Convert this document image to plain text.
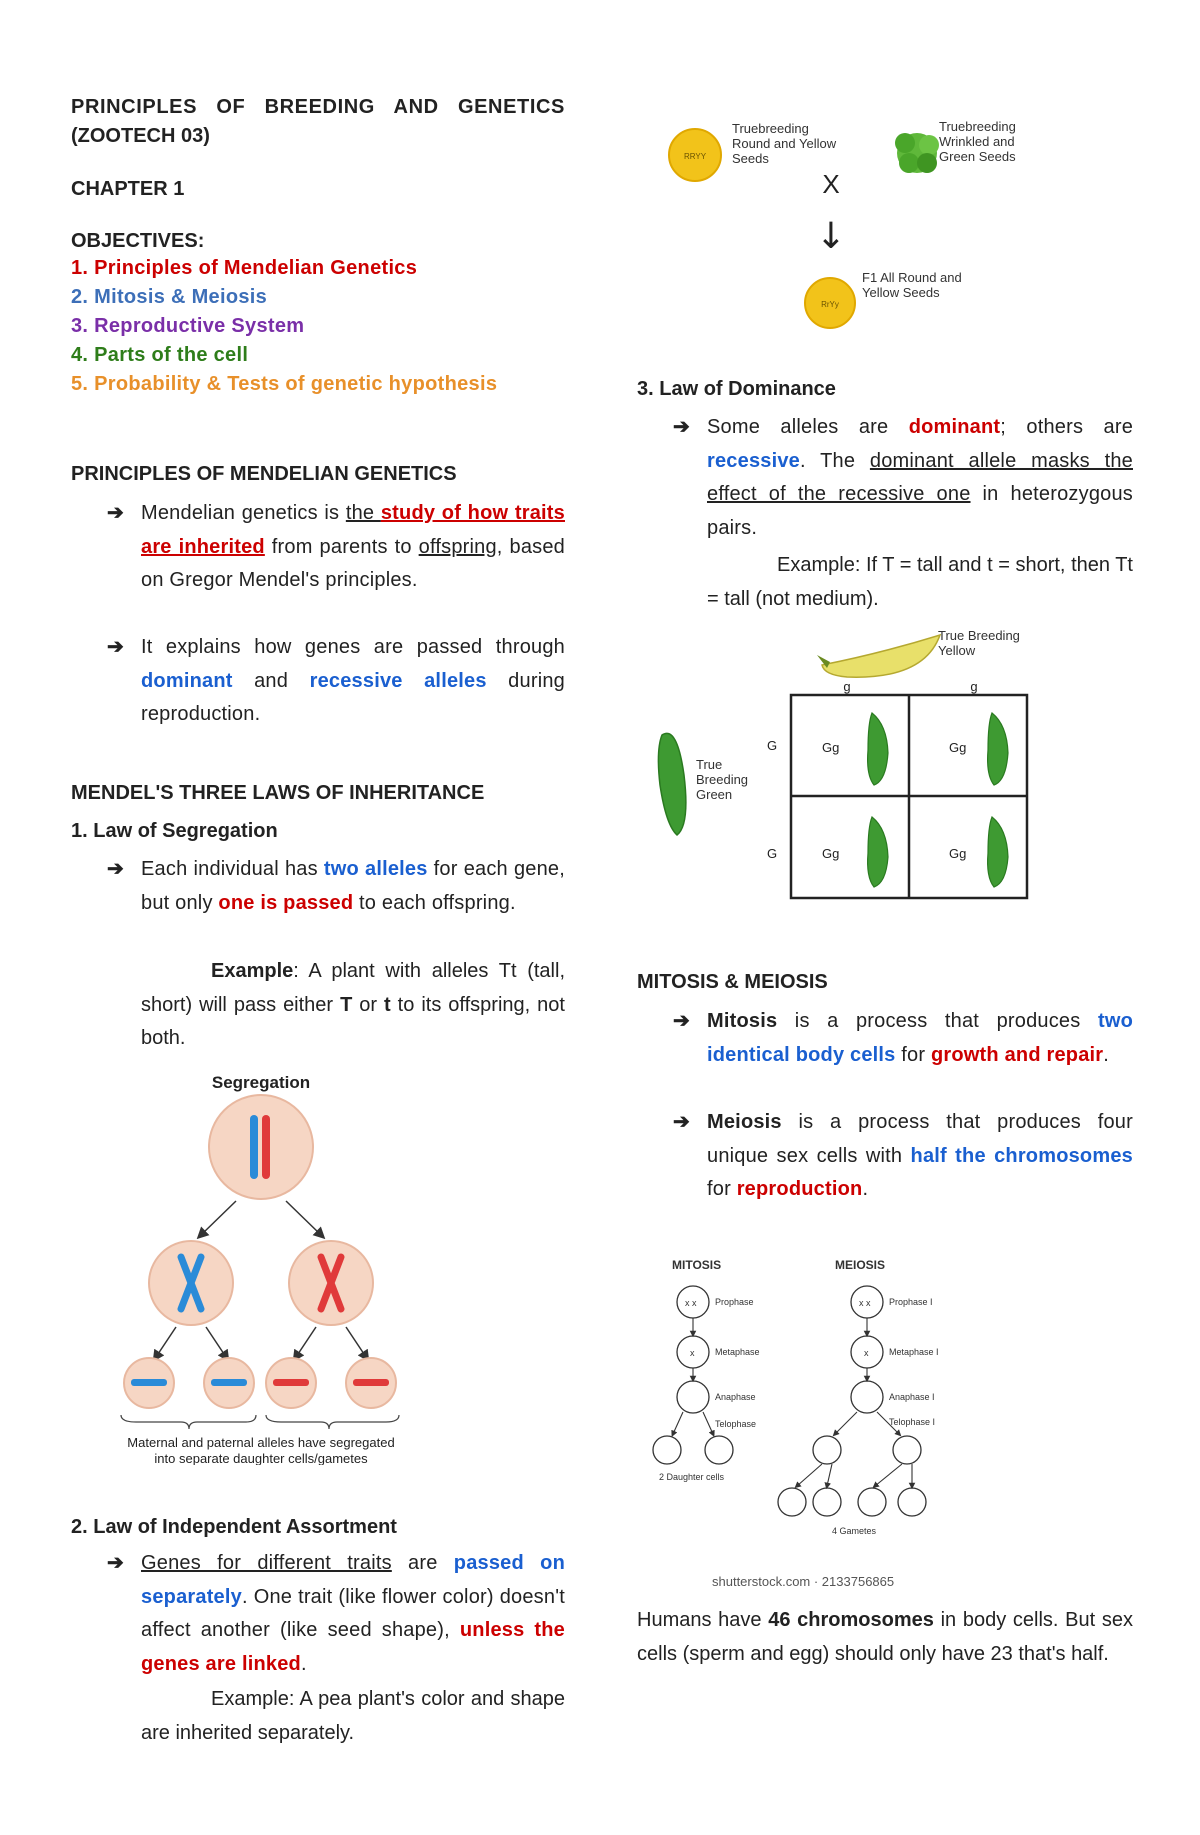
PRINCIPLES OF BREEDING AND GENETICS
(ZOOTECH 03)
CHAPTER 1
OBJECTIVES:
1. Principles of Mendelian Genetics
2. Mitosis & Meiosis
3. Reproductive System
4. Parts of the cell
5. Probability & Tests of genetic hypothesis
PRINCIPLES OF MENDELIAN GENETICS
➔ Mendelian genetics is the study of how traits are inherited from parents to offspring, based on Gregor Mendel's principles.
➔ It explains how genes are passed through dominant and recessive alleles during reproduction.
MENDEL'S THREE LAWS OF INHERITANCE
1. Law of Segregation
➔ Each individual has two alleles for each gene, but only one is passed to each offspring.
Example: A plant with alleles Tt (tall, short) will pass either T or t to its offspring, not both.
Segregation
Maternal and paternal alleles have segregated
into separate daughter cells/gametes
2. Law of Independent Assortment
➔ Genes for different traits are passed on separately. One trait (like flower color) doesn't affect another (like seed shape), unless the genes are linked.
Example: A pea plant's color and shape are inherited separately.
RRYY
Truebreeding Round and Yellow Seeds
Truebreeding Wrinkled and Green Seeds
X
↓
RrYy
F1 All Round and Yellow Seeds
3. Law of Dominance
➔ Some alleles are dominant; others are recessive. The dominant allele masks the effect of the recessive one in heterozygous pairs.
Example: If T = tall and t = short, then Tt = tall (not medium).
True Breeding Yellow
g	g
True Breeding Green
G
G
Gg	Gg
Gg	Gg
MITOSIS & MEIOSIS
➔ Mitosis is a process that produces two identical body cells for growth and repair.
➔ Meiosis is a process that produces four unique sex cells with half the chromosomes for reproduction.
MITOSIS	MEIOSIS
x x
x
x x
x
Prophase
Metaphase
Anaphase
Telophase
2 Daughter cells
Prophase I
Metaphase I
Anaphase I
Telophase I
4 Gametes
shutterstock.com · 2133756865
Humans have 46 chromosomes in body cells. But sex cells (sperm and egg) should only have 23 that's half.
